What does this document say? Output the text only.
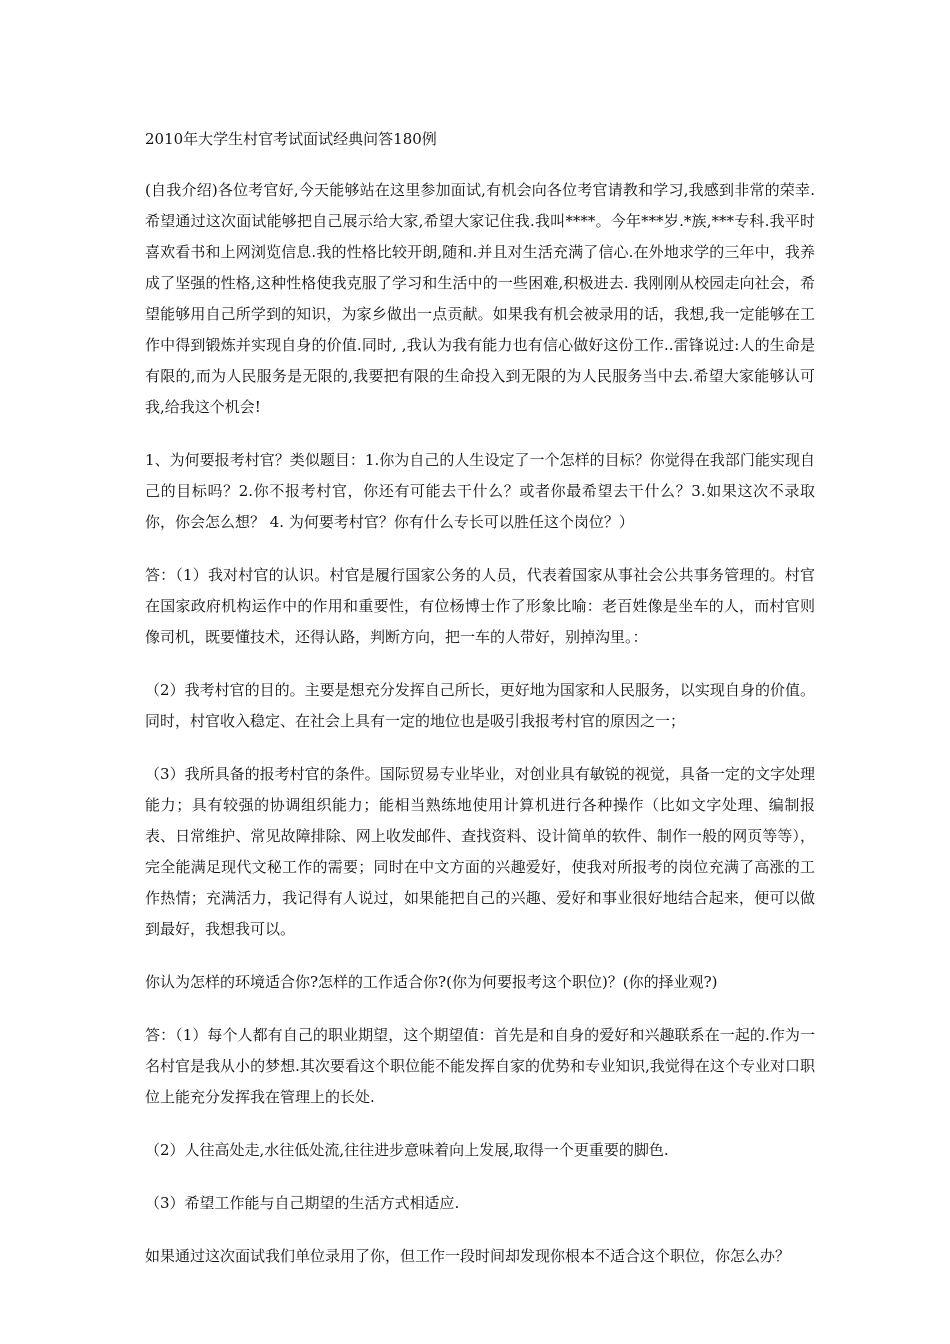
2010年大学生村官考试面试经典问答180例

(自我介绍)各位考官好,今天能够站在这里参加面试,有机会向各位考官请教和学习,我感到非常的荣幸.希望通过这次面试能够把自己展示给大家,希望大家记住我.我叫****。今年***岁.*族,***专科.我平时喜欢看书和上网浏览信息.我的性格比较开朗,随和.并且对生活充满了信心.在外地求学的三年中，我养成了坚强的性格,这种性格使我克服了学习和生活中的一些困难,积极进去. 我刚刚从校园走向社会，希望能够用自己所学到的知识，为家乡做出一点贡献。如果我有机会被录用的话，我想,我一定能够在工作中得到锻炼并实现自身的价值.同时, ,我认为我有能力也有信心做好这份工作..雷锋说过:人的生命是有限的,而为人民服务是无限的,我要把有限的生命投入到无限的为人民服务当中去.希望大家能够认可我,给我这个机会!

1、为何要报考村官？类似题目：1.你为自己的人生设定了一个怎样的目标？你觉得在我部门能实现自己的目标吗？2.你不报考村官，你还有可能去干什么？或者你最希望去干什么？3.如果这次不录取你，你会怎么想？ 4. 为何要考村官？你有什么专长可以胜任这个岗位？）

答：（1）我对村官的认识。村官是履行国家公务的人员，代表着国家从事社会公共事务管理的。村官在国家政府机构运作中的作用和重要性，有位杨博士作了形象比喻：老百姓像是坐车的人，而村官则像司机，既要懂技术，还得认路，判断方向，把一车的人带好，别掉沟里。：

（2）我考村官的目的。主要是想充分发挥自己所长，更好地为国家和人民服务，以实现自身的价值。同时，村官收入稳定、在社会上具有一定的地位也是吸引我报考村官的原因之一；

（3）我所具备的报考村官的条件。国际贸易专业毕业，对创业具有敏锐的视觉，具备一定的文字处理能力；具有较强的协调组织能力；能相当熟练地使用计算机进行各种操作（比如文字处理、编制报表、日常维护、常见故障排除、网上收发邮件、查找资料、设计简单的软件、制作一般的网页等等），完全能满足现代文秘工作的需要；同时在中文方面的兴趣爱好，使我对所报考的岗位充满了高涨的工作热情；充满活力，我记得有人说过，如果能把自己的兴趣、爱好和事业很好地结合起来，便可以做到最好，我想我可以。

你认为怎样的环境适合你?怎样的工作适合你?(你为何要报考这个职位)？(你的择业观?)

答：（1）每个人都有自己的职业期望，这个期望值：首先是和自身的爱好和兴趣联系在一起的.作为一名村官是我从小的梦想.其次要看这个职位能不能发挥自家的优势和专业知识,我觉得在这个专业对口职位上能充分发挥我在管理上的长处.

（2）人往高处走,水往低处流,往往进步意味着向上发展,取得一个更重要的脚色.

（3）希望工作能与自己期望的生活方式相适应.

如果通过这次面试我们单位录用了你，但工作一段时间却发现你根本不适合这个职位，你怎么办？
